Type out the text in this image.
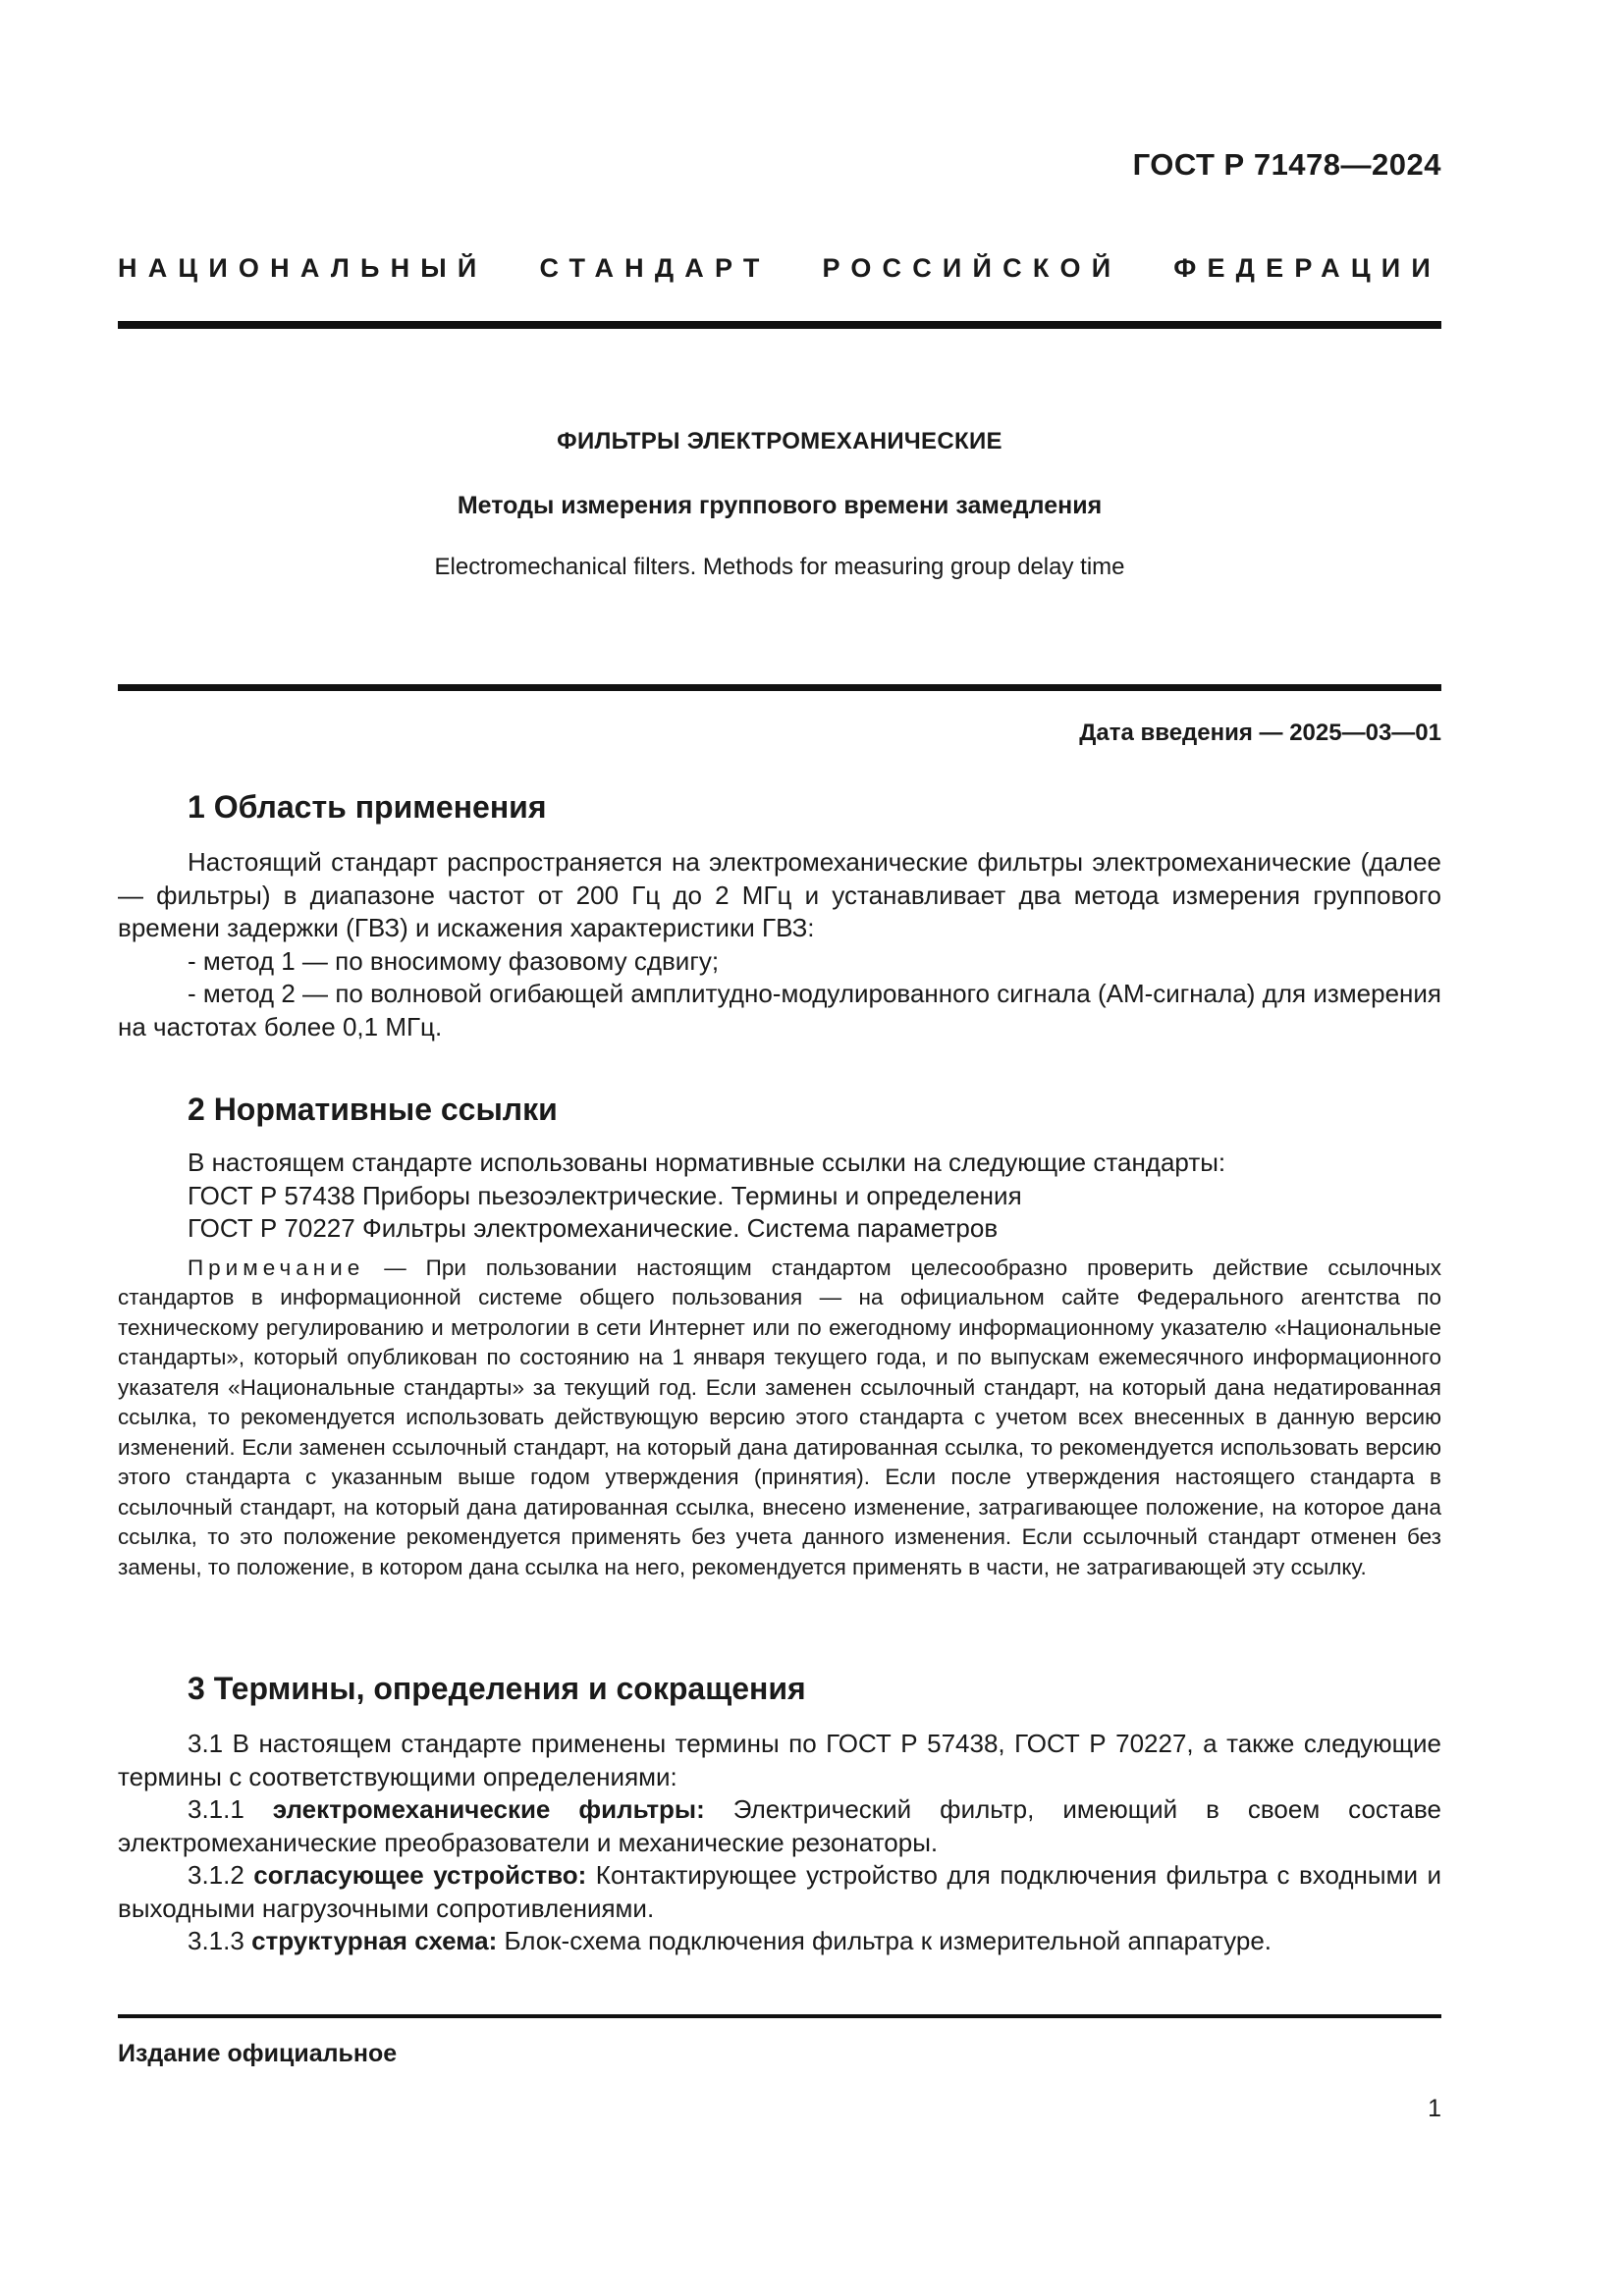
ГОСТ Р 71478—2024
НАЦИОНАЛЬНЫЙ СТАНДАРТ РОССИЙСКОЙ ФЕДЕРАЦИИ
ФИЛЬТРЫ ЭЛЕКТРОМЕХАНИЧЕСКИЕ
Методы измерения группового времени замедления
Electromechanical filters. Methods for measuring group delay time
Дата введения — 2025—03—01
1 Область применения

Настоящий стандарт распространяется на электромеханические фильтры электромеханические (далее — фильтры) в диапазоне частот от 200 Гц до 2 МГц и устанавливает два метода измерения группового времени задержки (ГВЗ) и искажения характеристики ГВЗ:

- метод 1 — по вносимому фазовому сдвигу;

- метод 2 — по волновой огибающей амплитудно-модулированного сигнала (АМ-сигнала) для измерения на частотах более 0,1 МГц.

2 Нормативные ссылки

В настоящем стандарте использованы нормативные ссылки на следующие стандарты:

ГОСТ Р 57438 Приборы пьезоэлектрические. Термины и определения

ГОСТ Р 70227 Фильтры электромеханические. Система параметров

Примечание — При пользовании настоящим стандартом целесообразно проверить действие ссылочных стандартов в информационной системе общего пользования — на официальном сайте Федерального агентства по техническому регулированию и метрологии в сети Интернет или по ежегодному информационному указателю «Национальные стандарты», который опубликован по состоянию на 1 января текущего года, и по выпускам ежемесячного информационного указателя «Национальные стандарты» за текущий год. Если заменен ссылочный стандарт, на который дана недатированная ссылка, то рекомендуется использовать действующую версию этого стандарта с учетом всех внесенных в данную версию изменений. Если заменен ссылочный стандарт, на который дана датированная ссылка, то рекомендуется использовать версию этого стандарта с указанным выше годом утверждения (принятия). Если после утверждения настоящего стандарта в ссылочный стандарт, на который дана датированная ссылка, внесено изменение, затрагивающее положение, на которое дана ссылка, то это положение рекомендуется применять без учета данного изменения. Если ссылочный стандарт отменен без замены, то положение, в котором дана ссылка на него, рекомендуется применять в части, не затрагивающей эту ссылку.

3 Термины, определения и сокращения

3.1 В настоящем стандарте применены термины по ГОСТ Р 57438, ГОСТ Р 70227, а также следующие термины с соответствующими определениями:

3.1.1 электромеханические фильтры: Электрический фильтр, имеющий в своем составе электромеханические преобразователи и механические резонаторы.

3.1.2 согласующее устройство: Контактирующее устройство для подключения фильтра с входными и выходными нагрузочными сопротивлениями.

3.1.3 структурная схема: Блок-схема подключения фильтра к измерительной аппаратуре.

Издание официальное
1
